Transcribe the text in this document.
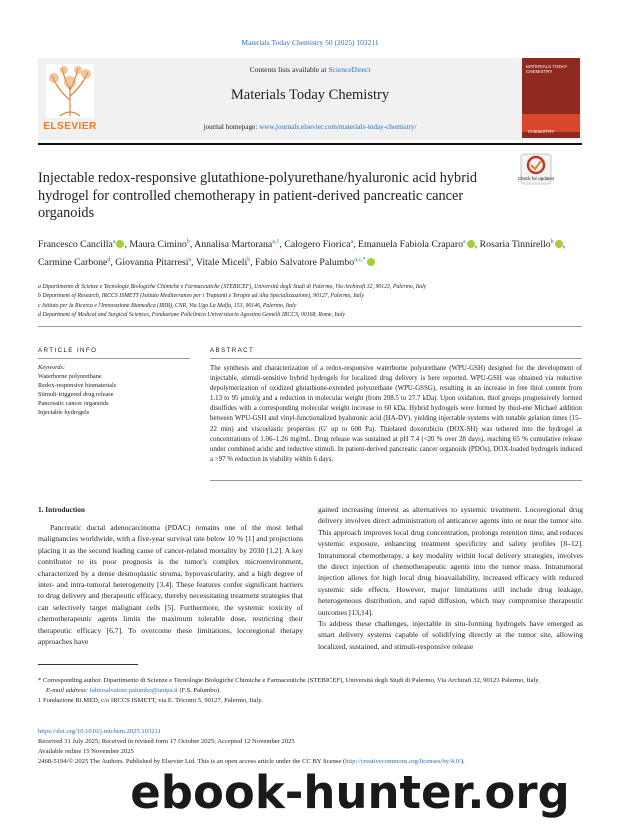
Materials Today Chemistry 50 (2025) 103211
ELSEVIER
Contents lists available at ScienceDirect
Materials Today Chemistry
journal homepage: www.journals.elsevier.com/materials-today-chemistry/
MATERIALS TODAY CHEMISTRY
CHEMISTRY
Check for updates
Injectable redox-responsive glutathione-polyurethane/hyaluronic acid hybrid hydrogel for controlled chemotherapy in patient-derived pancreatic cancer organoids
Francesco Cancilla$^a$ , Maura Cimino$^b$, Annalisa Martorana$^{a,1}$, Calogero Fiorica$^a$, Emanuela Fabiola Craparo$^a$ , Rosaria Tinnirello$^b$ , Carmine Carbone$^d$, Giovanna Pitarresi$^a$, Vitale Miceli$^b$, Fabio Salvatore Palumbo$^{a,c,*}$
a Dipartimento di Scienze e Tecnologie Biologiche Chimiche e Farmaceutiche (STEBICEF), Università degli Studi di Palermo, Via Archirafi 32, 90123, Palermo, Italy
b Department of Research, IRCCS ISMETT (Istituto Mediterraneo per i Trapianti e Terapie ad Alta Specializzazione), 90127, Palermo, Italy
c Istituto per la Ricerca e l'Innovazione Biomedica (IRIB), CNR, Via Ugo La Malfa, 153, 90146, Palermo, Italy
d Department of Medical and Surgical Sciences, Fondazione Policlinico Universitario Agostino Gemelli IRCCS, 00168, Rome, Italy
ARTICLE INFO
Keywords:
Waterborne polyurethane
Redox-responsive biomaterials
Stimuli-triggered drug release
Pancreatic cancer organoids
Injectable hydrogels
ABSTRACT
The synthesis and characterization of a redox-responsive waterborne polyurethane (WPU-GSH) designed for the development of injectable, stimuli-sensitive hybrid hydrogels for localized drug delivery is here reported. WPU-GSH was obtained via reductive depolymerization of oxidized glutathione-extended polyurethane (WPU-GSSG), resulting in an increase in free thiol content from 1.13 to 95 μmol/g and a reduction in molecular weight (from 208.5 to 27.7 kDa). Upon oxidation, thiol groups progressively formed disulfides with a corresponding molecular weight increase to 60 kDa. Hybrid hydrogels were formed by thiol-ene Michael addition between WPU-GSH and vinyl-functionalized hyaluronic acid (HA-DV), yielding injectable systems with tunable gelation times (15–22 min) and viscoelastic properties (G′ up to 600 Pa). Thiolated doxorubicin (DOX-SH) was tethered into the hydrogel at concentrations of 1.06–1.26 mg/mL. Drug release was sustained at pH 7.4 (<20 % over 28 days), reaching 65 % cumulative release under combined acidic and reductive stimuli. In patient-derived pancreatic cancer organoids (PDOs), DOX-loaded hydrogels induced a >97 % reduction in viability within 6 days.
1. Introduction

Pancreatic ductal adenocarcinoma (PDAC) remains one of the most lethal malignancies worldwide, with a five-year survival rate below 10 % [1] and projections placing it as the second leading cause of cancer-related mortality by 2030 [1,2]. A key contributor to its poor prognosis is the tumor's complex microenvironment, characterized by a dense desmoplastic stroma, hypovascularity, and a high degree of inter- and intra-tumoral heterogeneity [3,4]. These features confer significant barriers to drug delivery and therapeutic efficacy, thereby necessitating treatment strategies that can selectively target malignant cells [5]. Furthermore, the systemic toxicity of chemotherapeutic agents limits the maximum tolerable dose, restricting their therapeutic efficacy [6,7]. To overcome these limitations, locoregional therapy approaches have

gained increasing interest as alternatives to systemic treatment. Locoregional drug delivery involves direct administration of anticancer agents into or near the tumor site. This approach improves local drug concentration, prolongs retention time, and reduces systemic exposure, enhancing treatment specificity and safety profiles [8–12]. Intratumoral chemotherapy, a key modality within local delivery strategies, involves the direct injection of chemotherapeutic agents into the tumor mass. Intratumoral injection allows for high local drug bioavailability, increased efficacy with reduced systemic side effects. However, major limitations still include drug leakage, heterogeneous distribution, and rapid diffusion, which may compromise therapeutic outcomes [13,14].

To address these challenges, injectable in situ-forming hydrogels have emerged as smart delivery systems capable of solidifying directly at the tumor site, allowing localized, sustained, and stimuli-responsive release

* Corresponding author. Dipartimento di Scienze e Tecnologie Biologiche Chimiche e Farmaceutiche (STEBICEF), Università degli Studi di Palermo, Via Archirafi 32, 90123 Palermo, Italy.

E-mail address: fabiosalvatore.palumbo@unipa.it (F.S. Palumbo).

1 Fondazione Ri.MED, c/o IRCCS ISMETT, via E. Tricomi 5, 90127, Palermo, Italy.

https://doi.org/10.1016/j.mtchem.2025.103211
Received 31 July 2025; Received in revised form 17 October 2025; Accepted 12 November 2025
Available online 15 November 2025
2468-5194/© 2025 The Authors. Published by Elsevier Ltd. This is an open access article under the CC BY license (http://creativecommons.org/licenses/by/4.0/).
ebook-hunter.org
